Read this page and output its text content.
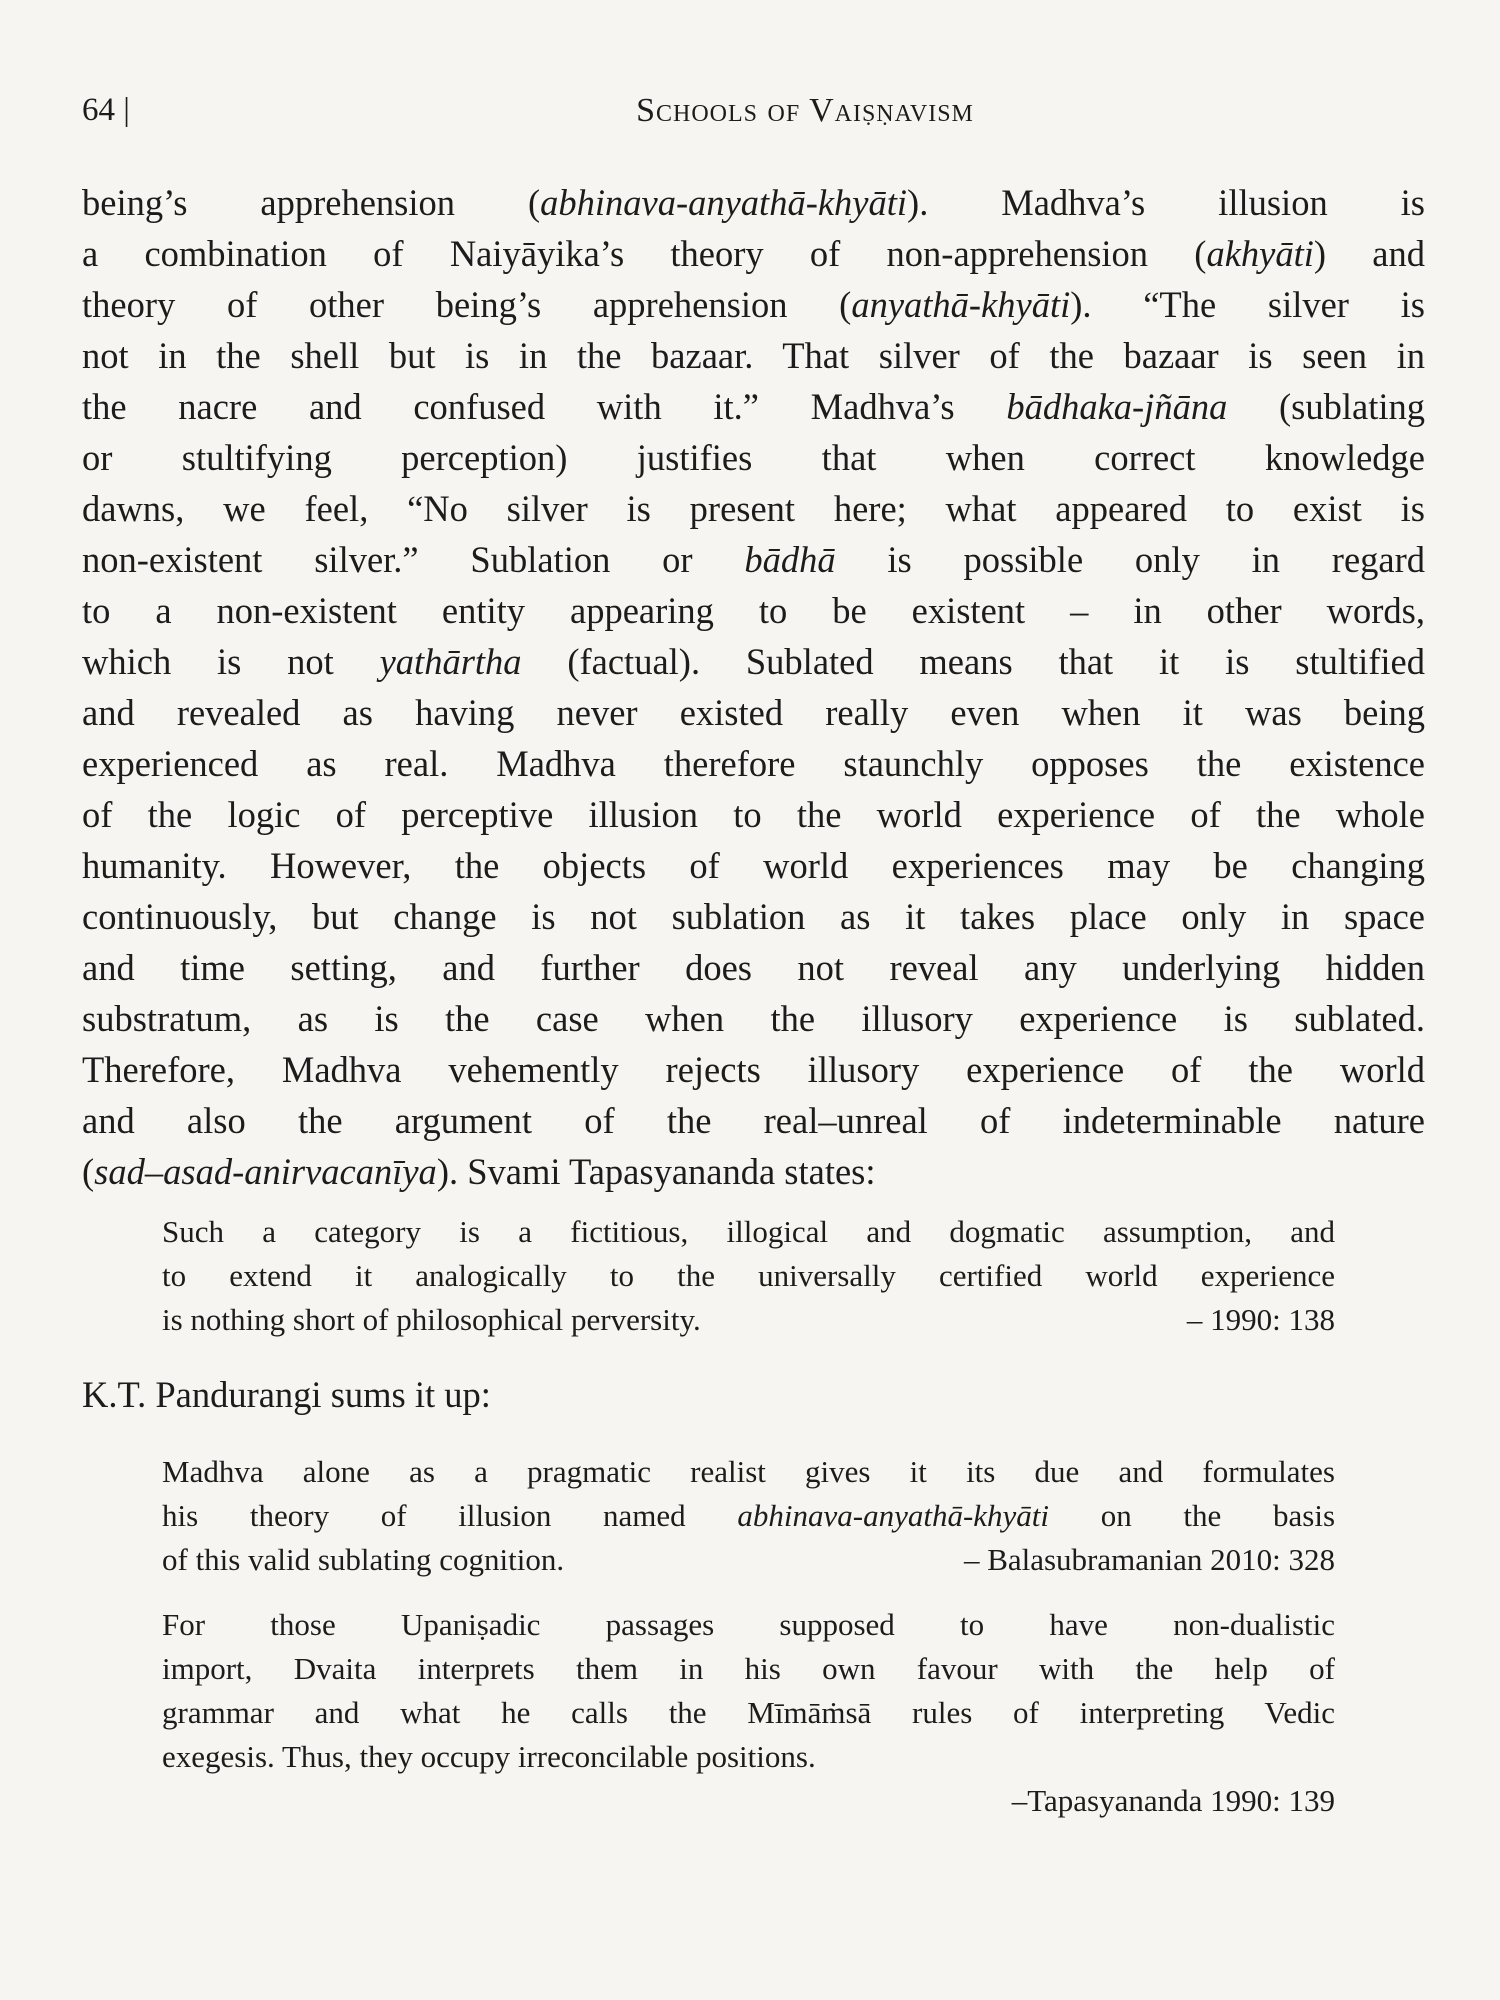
64 |	Schools of Vaiṣṇavism
being’s apprehension (abhinava-anyathā-khyāti). Madhva’s illusion is
a combination of Naiyāyika’s theory of non-apprehension (akhyāti) and
theory of other being’s apprehension (anyathā-khyāti). “The silver is
not in the shell but is in the bazaar. That silver of the bazaar is seen in
the nacre and confused with it.” Madhva’s bādhaka-jñāna (sublating
or stultifying perception) justifies that when correct knowledge
dawns, we feel, “No silver is present here; what appeared to exist is
non-existent silver.” Sublation or bādhā is possible only in regard
to a non-existent entity appearing to be existent – in other words,
which is not yathārtha (factual). Sublated means that it is stultified
and revealed as having never existed really even when it was being
experienced as real. Madhva therefore staunchly opposes the existence
of the logic of perceptive illusion to the world experience of the whole
humanity. However, the objects of world experiences may be changing
continuously, but change is not sublation as it takes place only in space
and time setting, and further does not reveal any underlying hidden
substratum, as is the case when the illusory experience is sublated.
Therefore, Madhva vehemently rejects illusory experience of the world
and also the argument of the real–unreal of indeterminable nature
(sad–asad-anirvacanīya). Svami Tapasyananda states:
Such a category is a fictitious, illogical and dogmatic assumption, and
to extend it analogically to the universally certified world experience
is nothing short of philosophical perversity.	– 1990: 138
K.T. Pandurangi sums it up:
Madhva alone as a pragmatic realist gives it its due and formulates
his theory of illusion named abhinava-anyathā-khyāti on the basis
of this valid sublating cognition.	– Balasubramanian 2010: 328
For those Upaniṣadic passages supposed to have non-dualistic
import, Dvaita interprets them in his own favour with the help of
grammar and what he calls the Mīmāṁsā rules of interpreting Vedic
exegesis. Thus, they occupy irreconcilable positions.
–Tapasyananda 1990: 139
